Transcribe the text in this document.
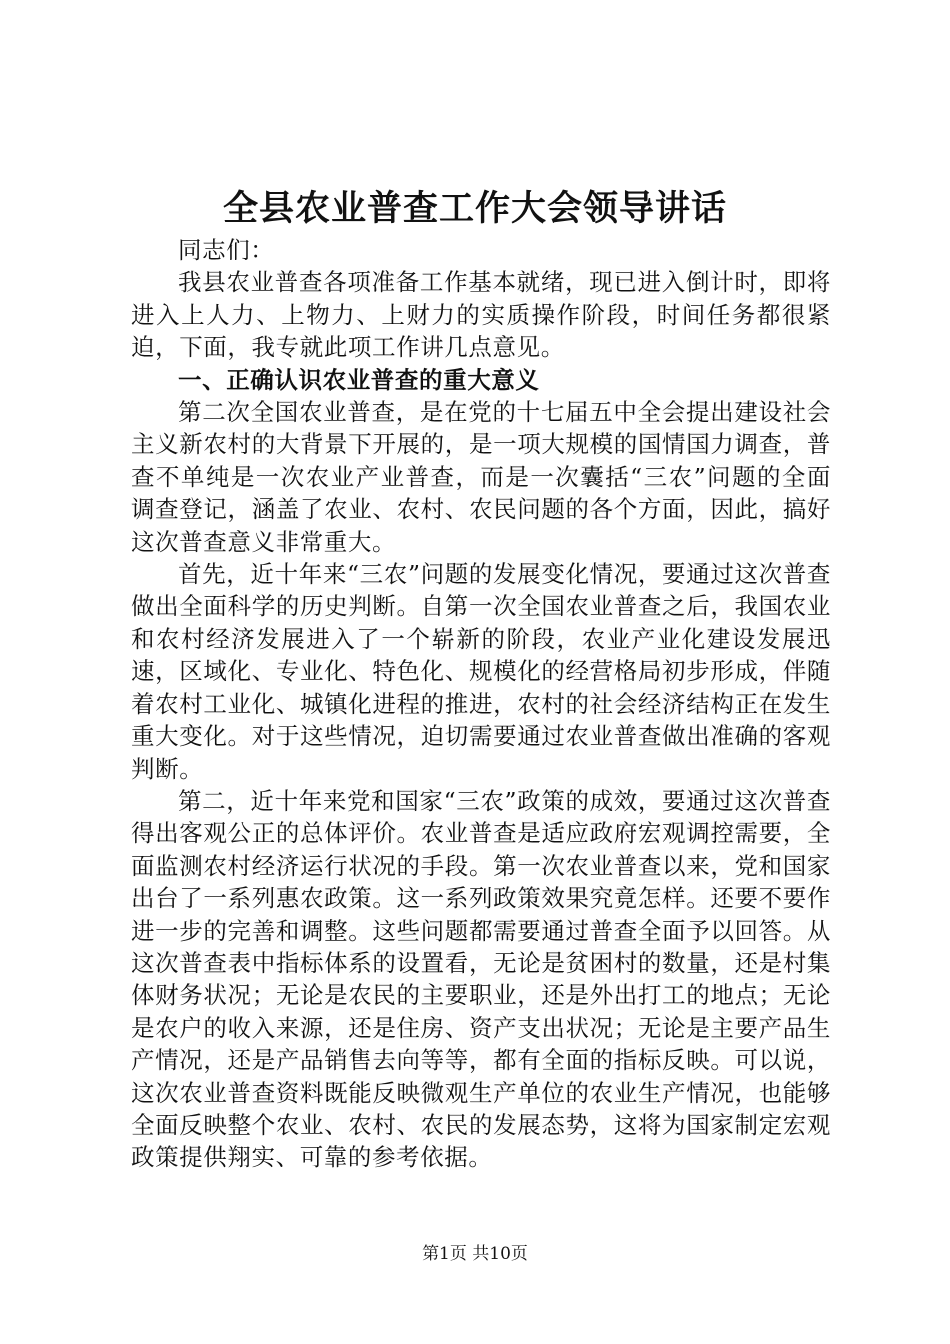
全县农业普查工作大会领导讲话

同志们：

我县农业普查各项准备工作基本就绪，现已进入倒计时，即将进入上人力、上物力、上财力的实质操作阶段，时间任务都很紧迫，下面，我专就此项工作讲几点意见。

一、正确认识农业普查的重大意义

第二次全国农业普查，是在党的十七届五中全会提出建设社会主义新农村的大背景下开展的，是一项大规模的国情国力调查，普查不单纯是一次农业产业普查，而是一次囊括“三农”问题的全面调查登记，涵盖了农业、农村、农民问题的各个方面，因此，搞好这次普查意义非常重大。

首先，近十年来“三农”问题的发展变化情况，要通过这次普查做出全面科学的历史判断。自第一次全国农业普查之后，我国农业和农村经济发展进入了一个崭新的阶段，农业产业化建设发展迅速，区域化、专业化、特色化、规模化的经营格局初步形成，伴随着农村工业化、城镇化进程的推进，农村的社会经济结构正在发生重大变化。对于这些情况，迫切需要通过农业普查做出准确的客观判断。

第二，近十年来党和国家“三农”政策的成效，要通过这次普查得出客观公正的总体评价。农业普查是适应政府宏观调控需要，全面监测农村经济运行状况的手段。第一次农业普查以来，党和国家出台了一系列惠农政策。这一系列政策效果究竟怎样。还要不要作进一步的完善和调整。这些问题都需要通过普查全面予以回答。从这次普查表中指标体系的设置看，无论是贫困村的数量，还是村集体财务状况；无论是农民的主要职业，还是外出打工的地点；无论是农户的收入来源，还是住房、资产支出状况；无论是主要产品生产情况，还是产品销售去向等等，都有全面的指标反映。可以说，这次农业普查资料既能反映微观生产单位的农业生产情况，也能够全面反映整个农业、农村、农民的发展态势，这将为国家制定宏观政策提供翔实、可靠的参考依据。

第1页 共10页
